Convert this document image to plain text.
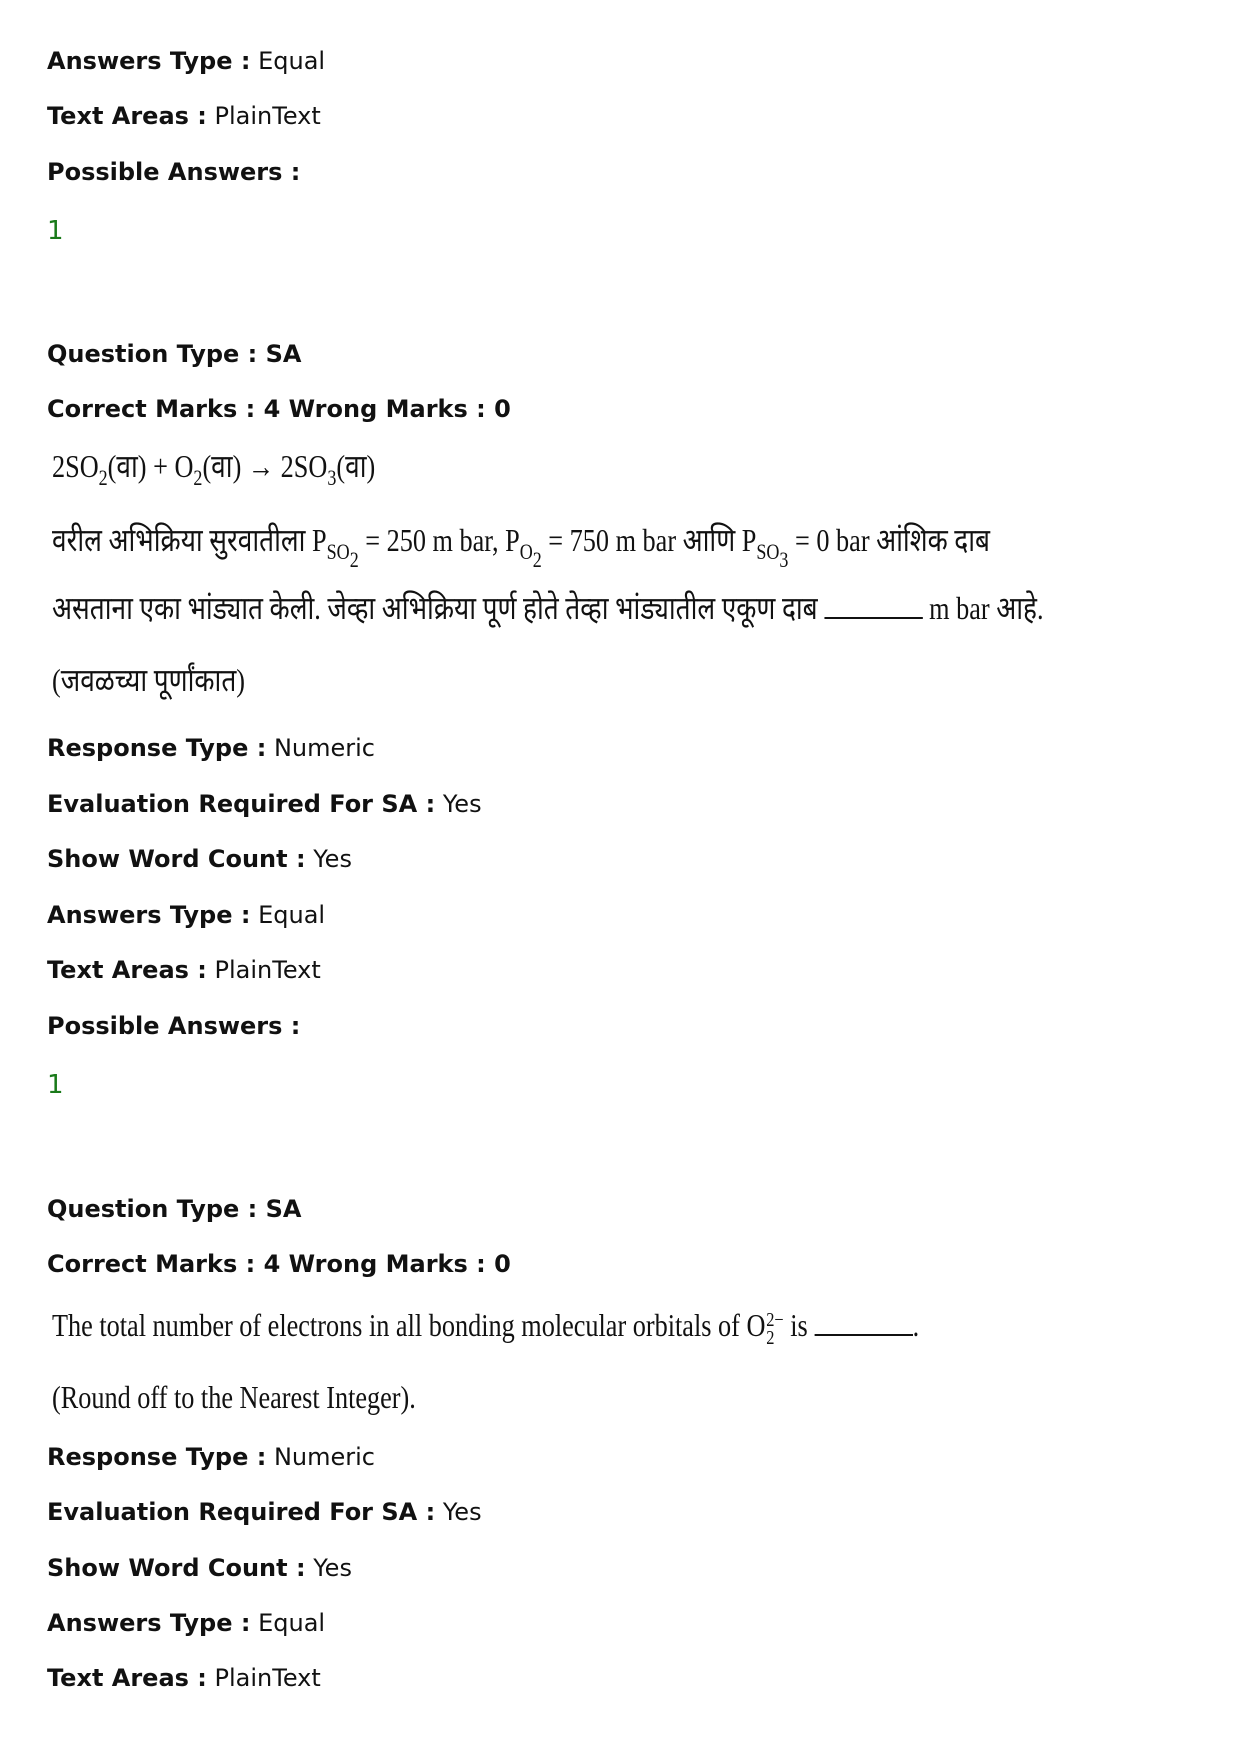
Answers Type : Equal
Text Areas : PlainText
Possible Answers :
1
Question Type : SA
Correct Marks : 4 Wrong Marks : 0
$2SO_2(वा)$ + $O_2(वा)$ → $2SO_3(वा)$
वरील अभिक्रिया सुरवातीला $P_{SO_2} = 250$ m bar, $P_{O_2} = 750$ m bar आणि $P_{SO_3} = 0$ bar आंशिक दाब
असताना एका भांड्यात केली. जेव्हा अभिक्रिया पूर्ण होते तेव्हा भांड्यातील एकूण दाब	m bar आहे.
(जवळच्या पूर्णांकात)
Response Type : Numeric
Evaluation Required For SA : Yes
Show Word Count : Yes
Answers Type : Equal
Text Areas : PlainText
Possible Answers :
1
Question Type : SA
Correct Marks : 4 Wrong Marks : 0
The total number of electrons in all bonding molecular orbitals of O 2−
2 is	.
(Round off to the Nearest Integer).
Response Type : Numeric
Evaluation Required For SA : Yes
Show Word Count : Yes
Answers Type : Equal
Text Areas : PlainText
